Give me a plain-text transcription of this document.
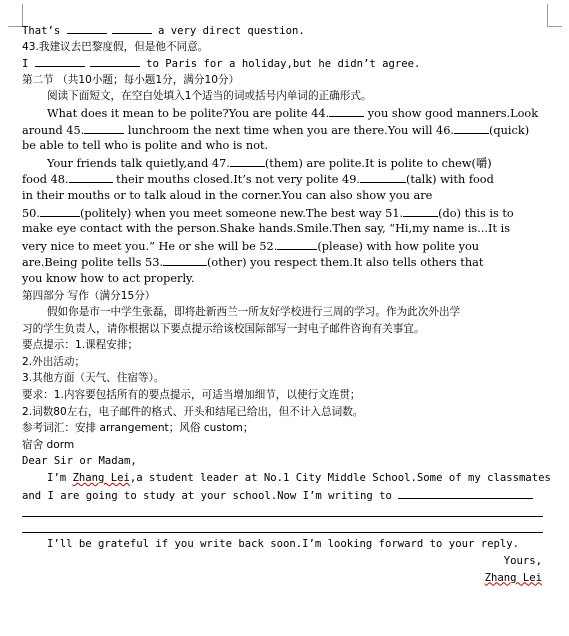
That’s	a very direct question.
43.我建议去巴黎度假，但是他不同意。
I	to Paris for a holiday,but he didn’t agree.
第二节 （共10小题；每小题1分，满分10分）
阅读下面短文，在空白处填入1个适当的词或括号内单词的正确形式。
What does it mean to be polite?You are polite 44.	you show good manners.Look
around 45.	lunchroom the next time when you are there.You will 46.	(quick)
be able to tell who is polite and who is not.
Your friends talk quietly,and 47.	(them) are polite.It is polite to chew(嚼)
food 48.	their mouths closed.It’s not very polite 49.	(talk) with food
in their mouths or to talk aloud in the corner.You can also show you are
50.	(politely) when you meet someone new.The best way 51.	(do) this is to
make eye contact with the person.Shake hands.Smile.Then say, “Hi,my name is...It is
very nice to meet you.” He or she will be 52.	(please) with how polite you
are.Being polite tells 53.	(other) you respect them.It also tells others that
you know how to act properly.
第四部分 写作（满分15分）
假如你是市一中学生张磊，即将赴新西兰一所友好学校进行三周的学习。作为此次外出学
习的学生负责人，请你根据以下要点提示给该校国际部写一封电子邮件咨询有关事宜。
要点提示：1.课程安排；
2.外出活动；
3.其他方面（天气、住宿等）。
要求：1.内容要包括所有的要点提示，可适当增加细节，以使行文连贯；
2.词数80左右，电子邮件的格式、开头和结尾已给出，但不计入总词数。
参考词汇：安排 arrangement；风俗 custom；
宿舍 dorm
Dear Sir or Madam,
I’m Zhang Lei,a student leader at No.1 City Middle School.Some of my classmates
and I are going to study at your school.Now I’m writing to
I’ll be grateful if you write back soon.I’m looking forward to your reply.
Yours,
Zhang Lei
